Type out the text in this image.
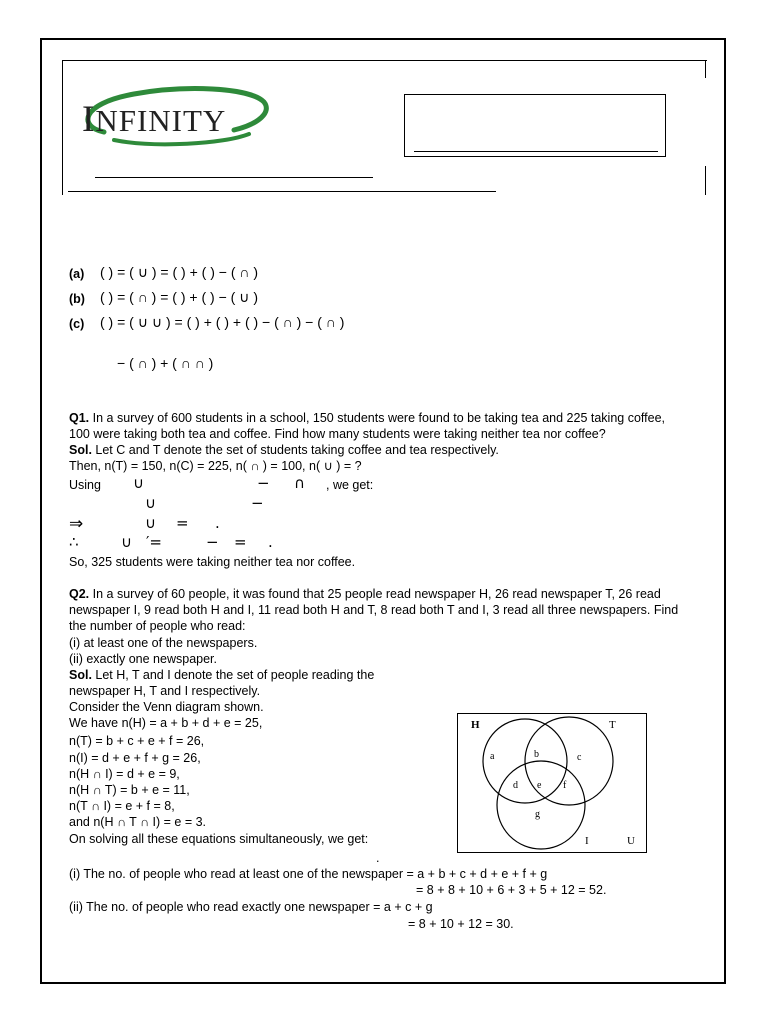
INFINITY
(a) ( ) = ( ∪ ) = ( ) + ( ) − ( ∩ )
(b) ( ) = ( ∩ ) = ( ) + ( ) − ( ∪ )
(c) ( ) = ( ∪ ∪ ) = ( ) + ( ) + ( ) − ( ∩ ) − ( ∩ )
− ( ∩ ) + ( ∩ ∩ )
Q1. In a survey of 600 students in a school, 150 students were found to be taking tea and 225 taking coffee,
100 were taking both tea and coffee. Find how many students were taking neither tea nor coffee?
Sol. Let C and T denote the set of students taking coffee and tea respectively.
Then, n(T) = 150, n(C) = 225, n( ∩ ) = 100, n( ∪ ) = ?
Using ∪	− ∩ , we get:
∪	−
⇒	∪ = .
∴	∪ ′=	− = .
So, 325 students were taking neither tea nor coffee.
Q2. In a survey of 60 people, it was found that 25 people read newspaper H, 26 read newspaper T, 26 read
newspaper I, 9 read both H and I, 11 read both H and T, 8 read both T and I, 3 read all three newspapers. Find
the number of people who read:
(i) at least one of the newspapers.
(ii) exactly one newspaper.
Sol. Let H, T and I denote the set of people reading the
newspaper H, T and I respectively.
Consider the Venn diagram shown.
We have n(H) = a + b + d + e = 25,
n(T) = b + c + e + f = 26,
n(I) = d + e + f + g = 26,
n(H ∩ I) = d + e = 9,
n(H ∩ T) = b + e = 11,
n(T ∩ I) = e + f = 8,
and n(H ∩ T ∩ I) = e = 3.
On solving all these equations simultaneously, we get:
.
(i) The no. of people who read at least one of the newspaper = a + b + c + d + e + f + g
= 8 + 8 + 10 + 6 + 3 + 5 + 12 = 52.
(ii) The no. of people who read exactly one newspaper = a + c + g
= 8 + 10 + 12 = 30.
H	T
I	U
a	b	c
d e f
g
